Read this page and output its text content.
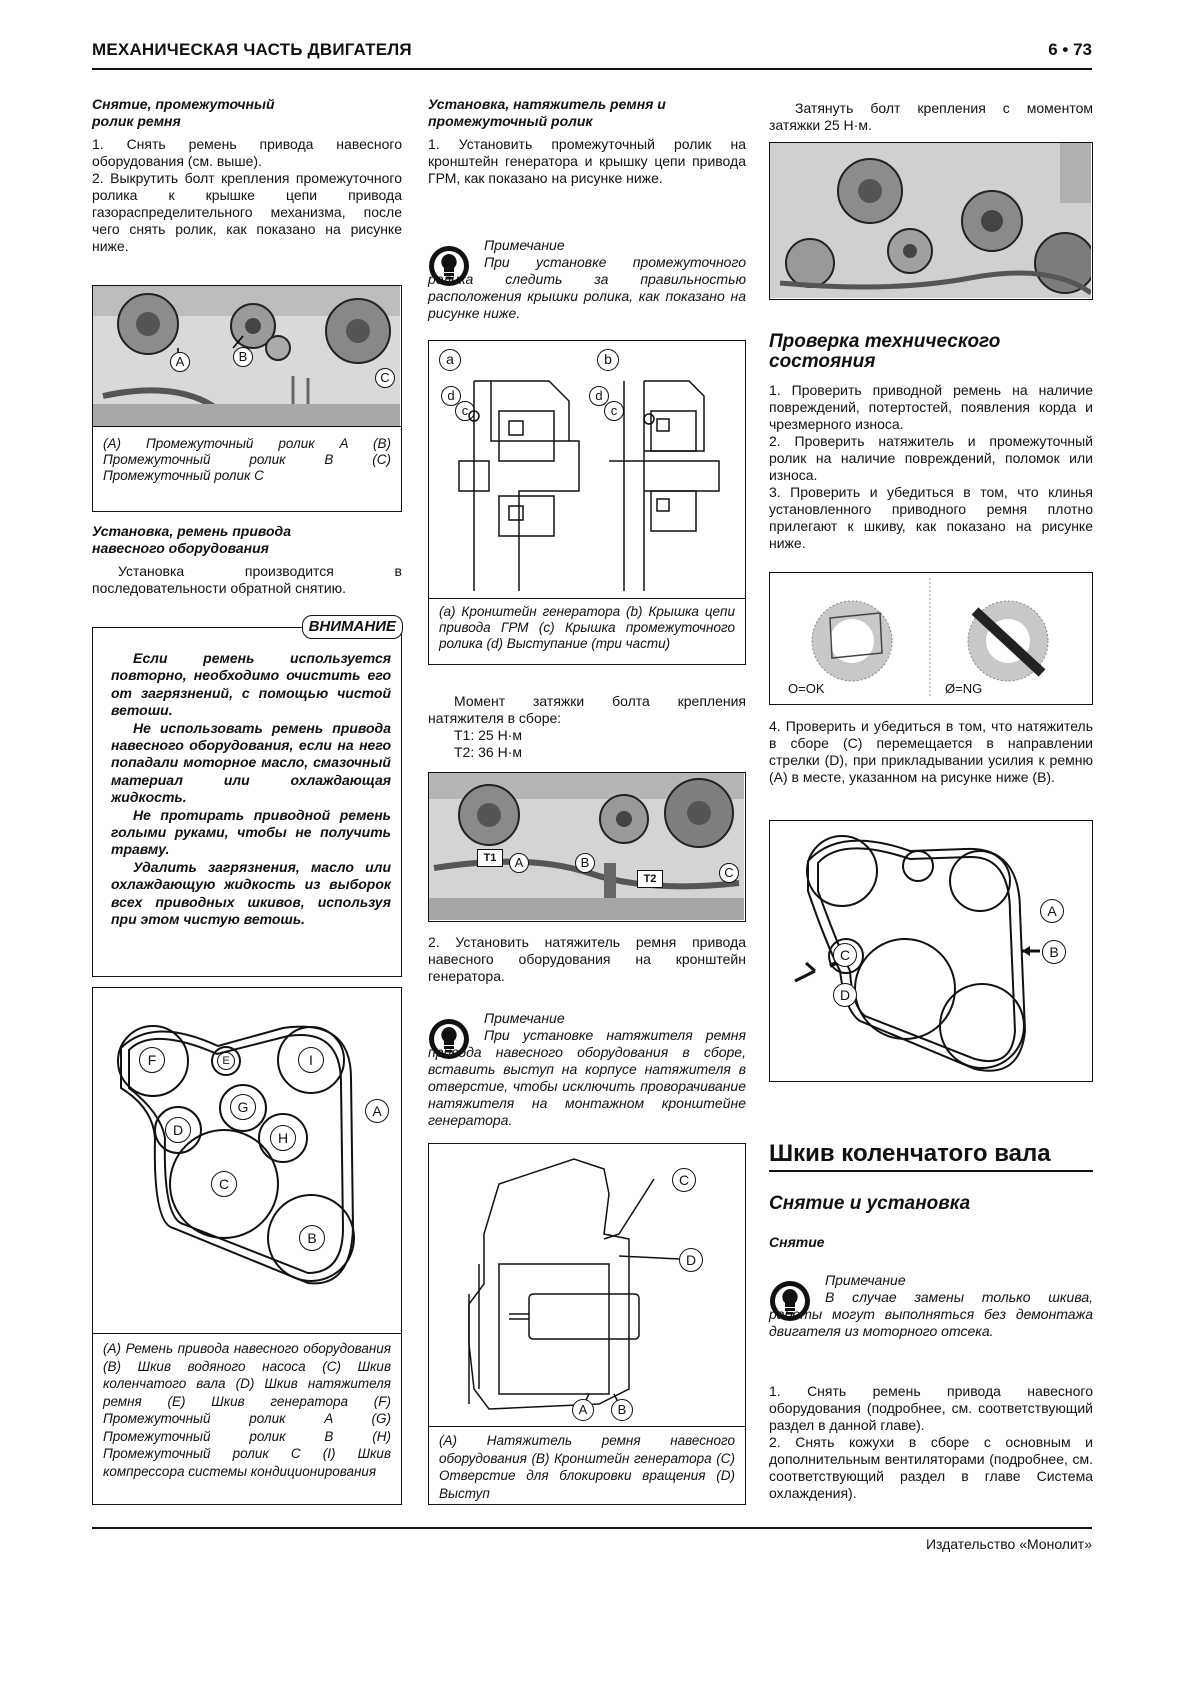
МЕХАНИЧЕСКАЯ ЧАСТЬ ДВИГАТЕЛЯ	6 • 73
Снятие, промежуточный ролик ремня

1. Снять ремень привода навесного оборудования (см. выше).

2. Выкрутить болт крепления промежуточного ролика к крышке цепи привода газораспределительного механизма, после чего снять ролик, как показано на рисунке ниже.

A	B
C
(A) Промежуточный ролик A (B) Промежуточный ролик B (C) Промежуточный ролик C
Установка, ремень привода навесного оборудования

Установка производится в последовательности обратной снятию.

ВНИМАНИЕ

Если ремень используется повторно, необходимо очистить его от загрязнений, с помощью чистой ветоши.

Не использовать ремень привода навесного оборудования, если на него попадали моторное масло, смазочный материал или охлаждающая жидкость.

Не протирать приводной ремень голыми руками, чтобы не получить травму.

Удалить загрязнения, масло или охлаждающую жидкость из выборок всех приводных шкивов, используя при этом чистую ветошь.

F	E	I
G
D	H
C
B
A
(A) Ремень привода навесного оборудования (B) Шкив водяного насоса (C) Шкив коленчатого вала (D) Шкив натяжителя ремня (E) Шкив генератора (F) Промежуточный ролик A (G) Промежуточный ролик B (H) Промежуточный ролик C (I) Шкив компрессора системы кондиционирования
Установка, натяжитель ремня и промежуточный ролик

1. Установить промежуточный ролик на кронштейн генератора и крышку цепи привода ГРМ, как показано на рисунке ниже.

Примечание
При установке промежуточного ролика следить за правильностью расположения крышки ролика, как показано на рисунке ниже.
a
d
c
b
d
c
(a) Кронштейн генератора (b) Крышка цепи привода ГРМ (c) Крышка промежуточного ролика (d) Выступание (три части)

Момент затяжки болта крепления натяжителя в сборе:

T1: 25 Н·м
T2: 36 Н·м
T1	A	B
T2	C

2. Установить натяжитель ремня привода навесного оборудования на кронштейн генератора.

Примечание
При установке натяжителя ремня привода навесного оборудования в сборе, вставить выступ на корпусе натяжителя в отверстие, чтобы исключить проворачивание натяжителя на монтажном кронштейне генератора.
C
D
A	B
(A) Натяжитель ремня навесного оборудования (B) Кронштейн генератора (C) Отверстие для блокировки вращения (D) Выступ

Затянуть болт крепления с моментом затяжки 25 Н·м.

Проверка технического состояния

1. Проверить приводной ремень на наличие повреждений, потертостей, появления корда и чрезмерного износа.

2. Проверить натяжитель и промежуточный ролик на наличие повреждений, поломок или износа.

3. Проверить и убедиться в том, что клинья установленного приводного ремня плотно прилегают к шкиву, как показано на рисунке ниже.

O=OK	Ø=NG

4. Проверить и убедиться в том, что натяжитель в сборе (C) перемещается в направлении стрелки (D), при прикладывании усилия к ремню (A) в месте, указанном на рисунке ниже (B).

C
D
A
B
Шкив коленчатого вала
Снятие и установка
Снятие
Примечание
В случае замены только шкива, работы могут выполняться без демонтажа двигателя из моторного отсека.

1. Снять ремень привода навесного оборудования (подробнее, см. соответствующий раздел в данной главе).

2. Снять кожухи в сборе с основным и дополнительным вентиляторами (подробнее, см. соответствующий раздел в главе Система охлаждения).

Издательство «Монолит»
